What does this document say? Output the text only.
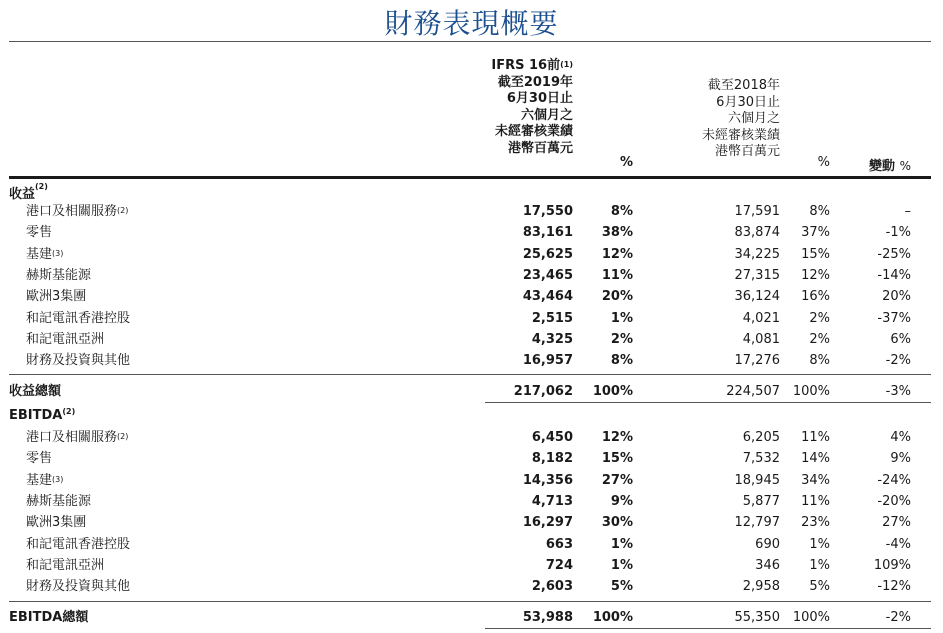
財務表現概要
IFRS 16前$^{(1)}$
截至2019年
6月30日止
六個月之
未經審核業績
港幣百萬元
%
截至2018年
6月30日止
六個月之
未經審核業績
港幣百萬元
%	變動 %
收益$^{(2)}$
港口及相關服務$^{(2)}$	17,550	8%	17,591 8%	–
零售	83,161 38%	83,874 37%	-1%
基建$^{(3)}$	25,625 12%	34,225 15%	-25%
赫斯基能源	23,465 11%	27,315 12%	-14%
歐洲3集團	43,464 20%	36,124 16%	20%
和記電訊香港控股	2,515	1%	4,021 2%	-37%
和記電訊亞洲	4,325	2%	4,081 2%	6%
財務及投資與其他	16,957	8%	17,276 8%	-2%
收益總額	217,062 100%	224,507 100%	-3%
EBITDA$^{(2)}$
港口及相關服務$^{(2)}$	6,450 12%	6,205 11%	4%
零售	8,182 15%	7,532 14%	9%
基建$^{(3)}$	14,356 27%	18,945 34%	-24%
赫斯基能源	4,713	9%	5,877 11%	-20%
歐洲3集團	16,297 30%	12,797 23%	27%
和記電訊香港控股	663	1%	690 1%	-4%
和記電訊亞洲	724	1%	346 1%	109%
財務及投資與其他	2,603	5%	2,958 5%	-12%
EBITDA總額	53,988 100%	55,350 100%	-2%
